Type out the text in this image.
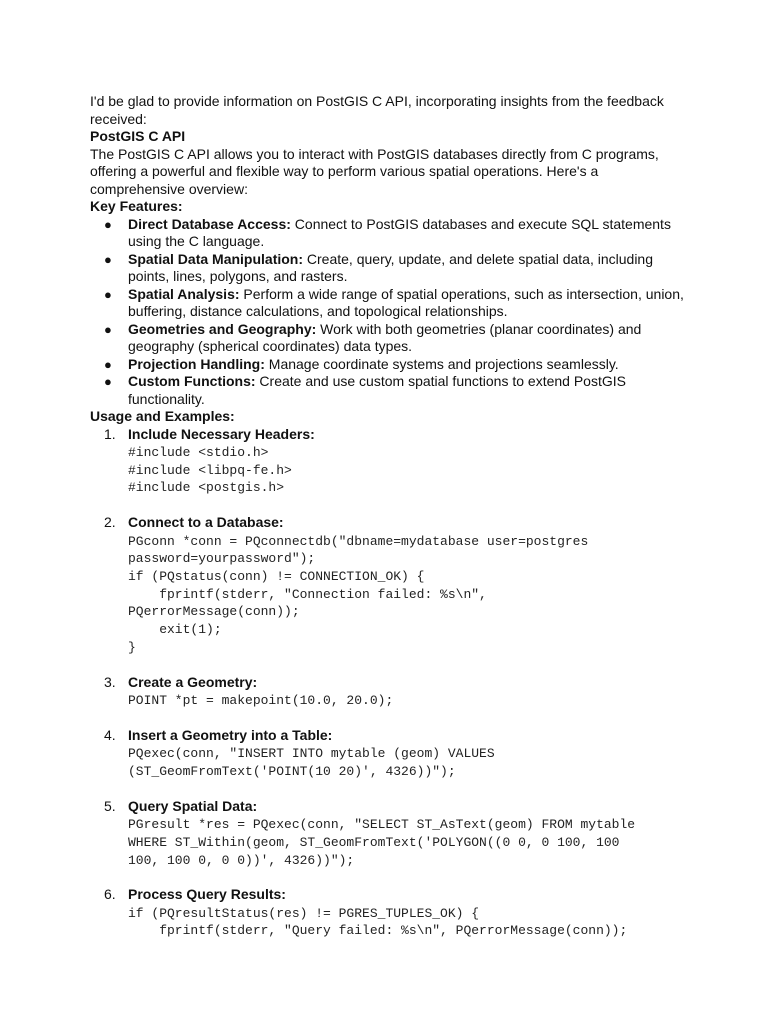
I'd be glad to provide information on PostGIS C API, incorporating insights from the feedback received:

PostGIS C API

The PostGIS C API allows you to interact with PostGIS databases directly from C programs, offering a powerful and flexible way to perform various spatial operations. Here's a comprehensive overview:

Key Features:

● Direct Database Access: Connect to PostGIS databases and execute SQL statements using the C language.
● Spatial Data Manipulation: Create, query, update, and delete spatial data, including points, lines, polygons, and rasters.
● Spatial Analysis: Perform a wide range of spatial operations, such as intersection, union, buffering, distance calculations, and topological relationships.
● Geometries and Geography: Work with both geometries (planar coordinates) and geography (spherical coordinates) data types.
● Projection Handling: Manage coordinate systems and projections seamlessly.
● Custom Functions: Create and use custom spatial functions to extend PostGIS functionality.

Usage and Examples:

1. Include Necessary Headers:
#include <stdio.h>
#include <libpq-fe.h>
#include <postgis.h>
2. Connect to a Database:
PGconn *conn = PQconnectdb("dbname=mydatabase user=postgres
password=yourpassword");
if (PQstatus(conn) != CONNECTION_OK) {
fprintf(stderr, "Connection failed: %s\n",
PQerrorMessage(conn));
exit(1);
}
3. Create a Geometry:
POINT *pt = makepoint(10.0, 20.0);
4. Insert a Geometry into a Table:
PQexec(conn, "INSERT INTO mytable (geom) VALUES
(ST_GeomFromText('POINT(10 20)', 4326))");
5. Query Spatial Data:
PGresult *res = PQexec(conn, "SELECT ST_AsText(geom) FROM mytable
WHERE ST_Within(geom, ST_GeomFromText('POLYGON((0 0, 0 100, 100
100, 100 0, 0 0))', 4326))");
6. Process Query Results:
if (PQresultStatus(res) != PGRES_TUPLES_OK) {
fprintf(stderr, "Query failed: %s\n", PQerrorMessage(conn));
